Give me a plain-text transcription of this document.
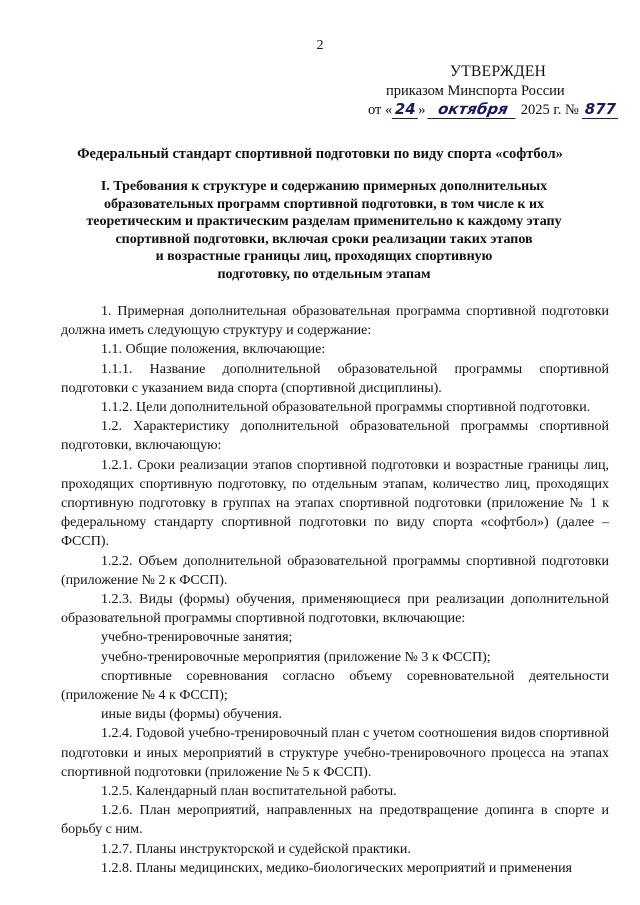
2
УТВЕРЖДЕН
приказом Минспорта России
от « 24 » октября 2025 г. № 877
Федеральный стандарт спортивной подготовки по виду спорта «софтбол»
I. Требования к структуре и содержанию примерных дополнительных
образовательных программ спортивной подготовки, в том числе к их
теоретическим и практическим разделам применительно к каждому этапу
спортивной подготовки, включая сроки реализации таких этапов
и возрастные границы лиц, проходящих спортивную
подготовку, по отдельным этапам

1. Примерная дополнительная образовательная программа спортивной подготовки должна иметь следующую структуру и содержание:

1.1. Общие положения, включающие:

1.1.1. Название дополнительной образовательной программы спортивной подготовки с указанием вида спорта (спортивной дисциплины).

1.1.2. Цели дополнительной образовательной программы спортивной подготовки.

1.2. Характеристику дополнительной образовательной программы спортивной подготовки, включающую:

1.2.1. Сроки реализации этапов спортивной подготовки и возрастные границы лиц, проходящих спортивную подготовку, по отдельным этапам, количество лиц, проходящих спортивную подготовку в группах на этапах спортивной подготовки (приложение № 1 к федеральному стандарту спортивной подготовки по виду спорта «софтбол») (далее – ФССП).

1.2.2. Объем дополнительной образовательной программы спортивной подготовки (приложение № 2 к ФССП).

1.2.3. Виды (формы) обучения, применяющиеся при реализации дополнительной образовательной программы спортивной подготовки, включающие:

учебно-тренировочные занятия;

учебно-тренировочные мероприятия (приложение № 3 к ФССП);

спортивные соревнования согласно объему соревновательной деятельности (приложение № 4 к ФССП);

иные виды (формы) обучения.

1.2.4. Годовой учебно-тренировочный план с учетом соотношения видов спортивной подготовки и иных мероприятий в структуре учебно-тренировочного процесса на этапах спортивной подготовки (приложение № 5 к ФССП).

1.2.5. Календарный план воспитательной работы.

1.2.6. План мероприятий, направленных на предотвращение допинга в спорте и борьбу с ним.

1.2.7. Планы инструкторской и судейской практики.

1.2.8. Планы медицинских, медико-биологических мероприятий и применения
